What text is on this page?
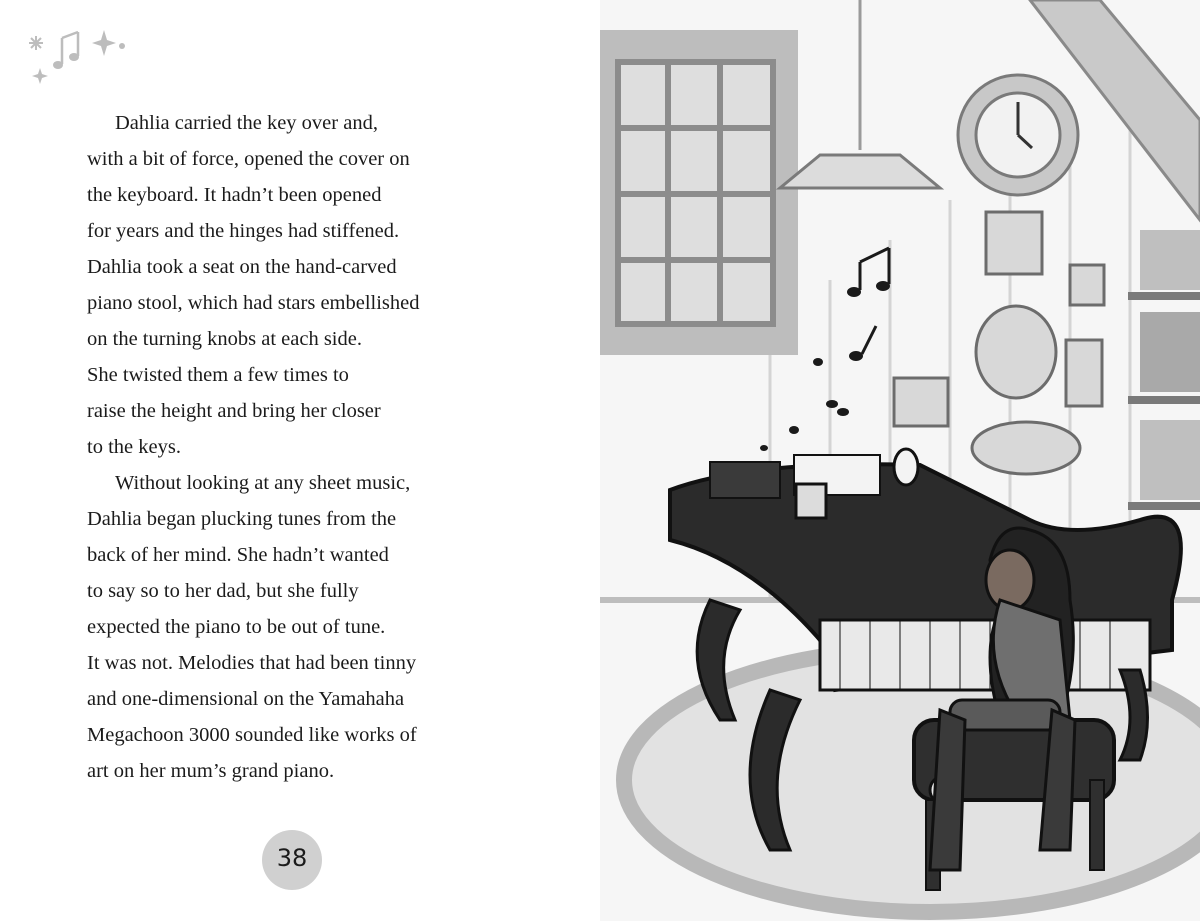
Dahlia carried the key over and,
with a bit of force, opened the cover on
the keyboard. It hadn’t been opened
for years and the hinges had stiffened.
Dahlia took a seat on the hand-carved
piano stool, which had stars embellished
on the turning knobs at each side.
She twisted them a few times to
raise the height and bring her closer
to the keys.
Without looking at any sheet music,
Dahlia began plucking tunes from the
back of her mind. She hadn’t wanted
to say so to her dad, but she fully
expected the piano to be out of tune.
It was not. Melodies that had been tinny
and one-dimensional on the Yamahaha
Megachoon 3000 sounded like works of
art on her mum’s grand piano.
38
